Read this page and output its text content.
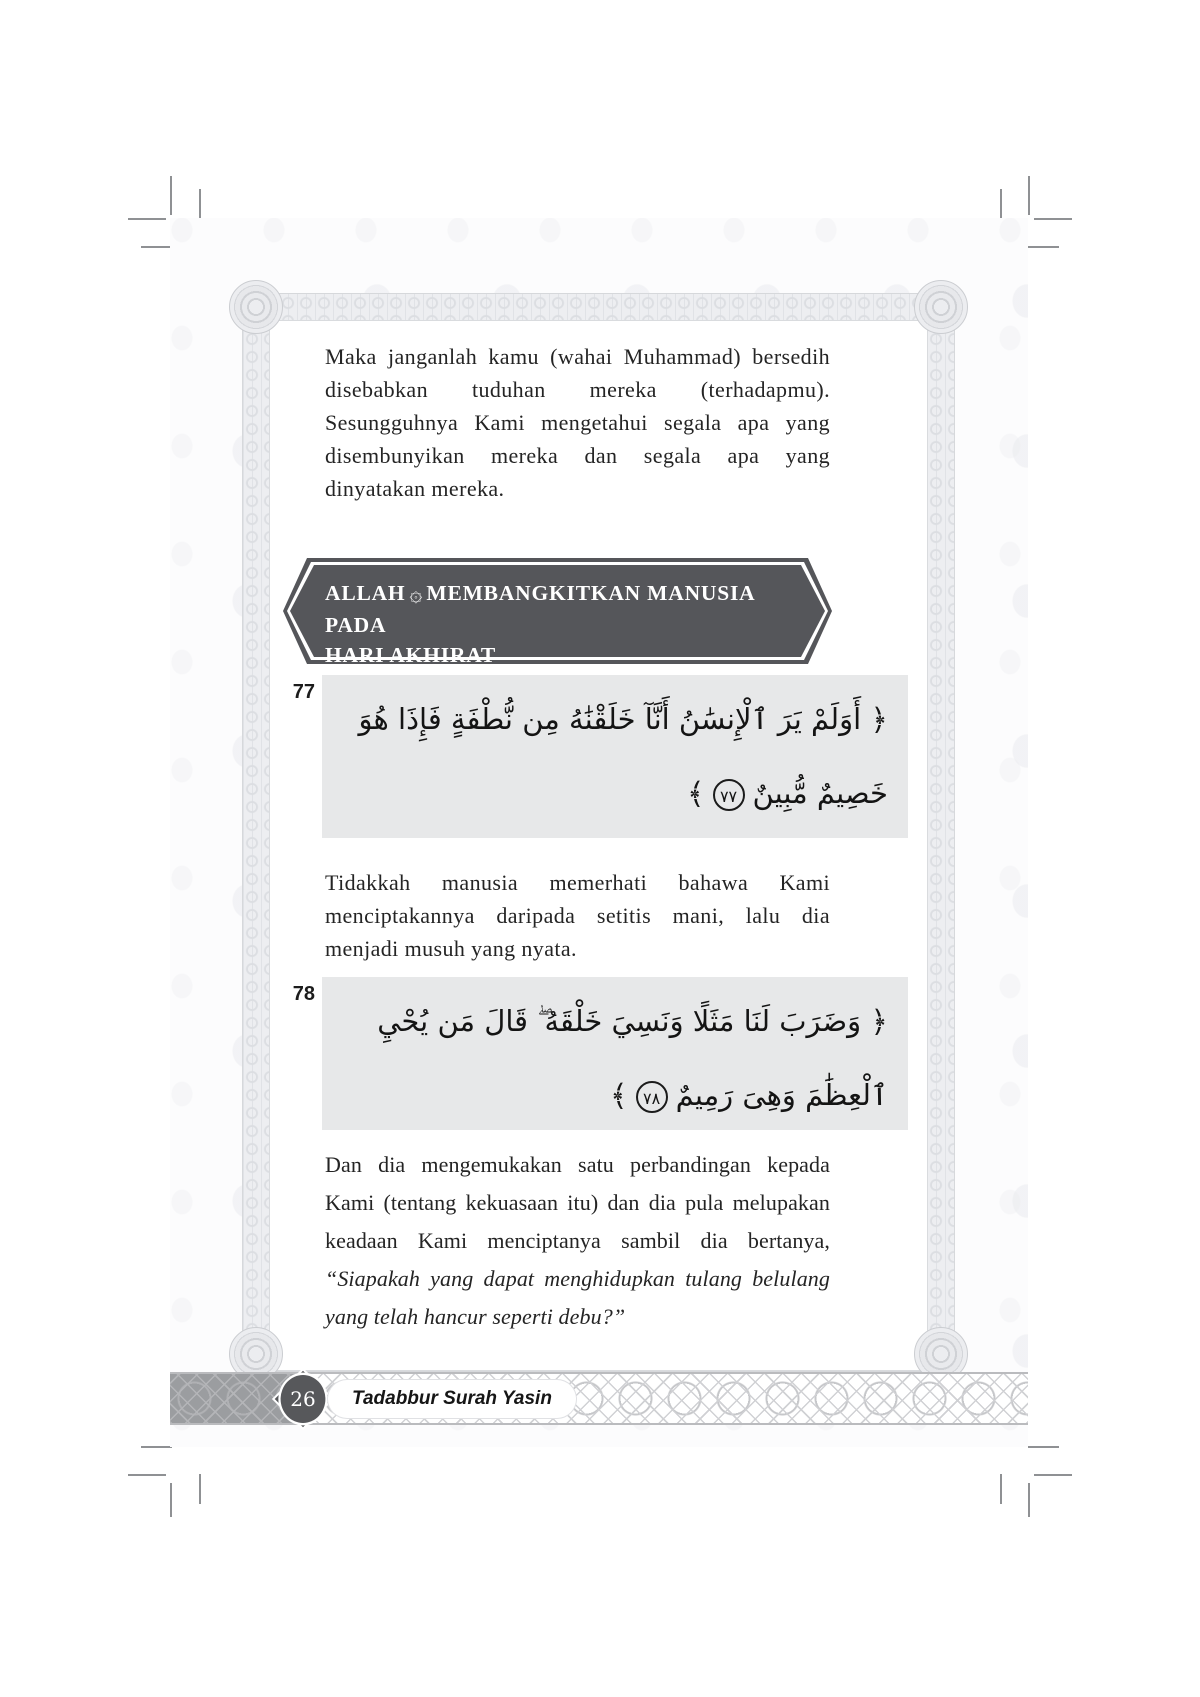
Maka janganlah kamu (wahai Muhammad) bersedih disebabkan tuduhan mereka (terhadapmu). Sesungguhnya Kami mengetahui segala apa yang disembunyikan mereka dan segala apa yang dinyatakan mereka.

ALLAH ۞ MEMBANGKITKAN MANUSIA PADA
HARI AKHIRAT
77
﴿ أَوَلَمْ يَرَ ٱلْإِنسَٰنُ أَنَّآ خَلَقْنَٰهُ مِن نُّطْفَةٍ فَإِذَا هُوَ
خَصِيمٌ مُّبِينٌ٧٧﴾

Tidakkah manusia memerhati bahawa Kami menciptakannya daripada setitis mani, lalu dia menjadi musuh yang nyata.

78
﴿ وَضَرَبَ لَنَا مَثَلًا وَنَسِيَ خَلْقَهُ ۖ قَالَ مَن يُحْيِ
ٱلْعِظَٰمَ وَهِىَ رَمِيمٌ٧٨﴾

Dan dia mengemukakan satu perbandingan kepada Kami (tentang kekuasaan itu) dan dia pula melupakan keadaan Kami menciptanya sambil dia bertanya, “Siapakah yang dapat menghidupkan tulang belulang yang telah hancur seperti debu?”

26	Tadabbur Surah Yasin
